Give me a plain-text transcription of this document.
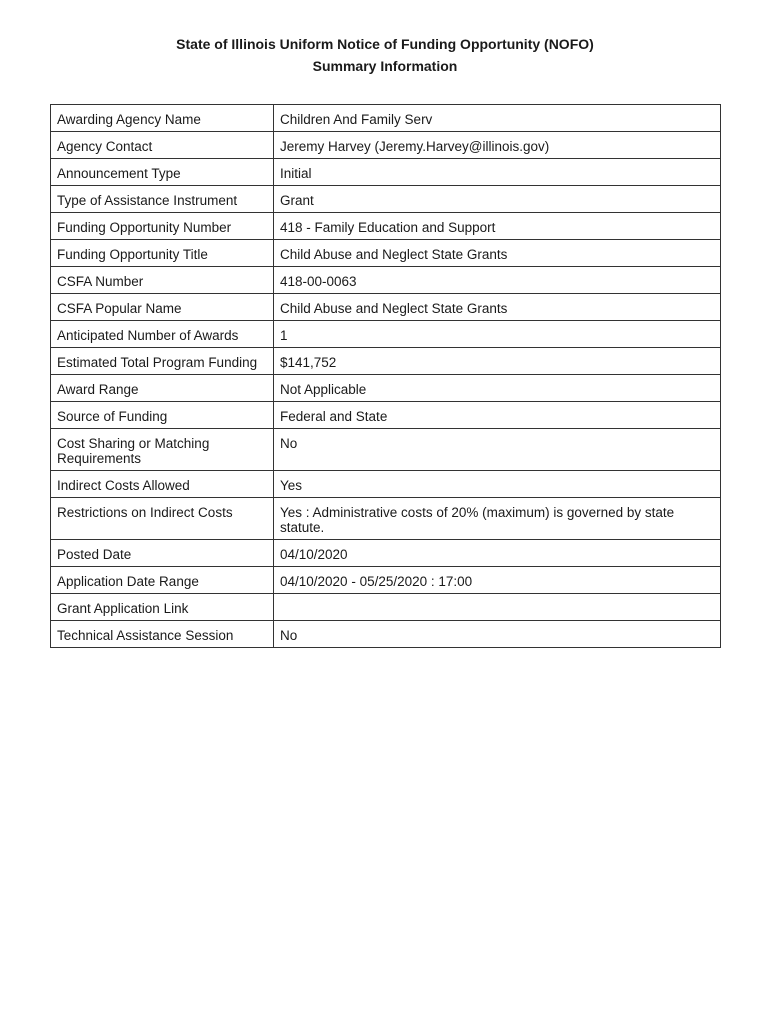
State of Illinois Uniform Notice of Funding Opportunity (NOFO)
Summary Information
Awarding Agency Name	Children And Family Serv
Agency Contact	Jeremy Harvey (Jeremy.Harvey@illinois.gov)
Announcement Type	Initial
Type of Assistance Instrument	Grant
Funding Opportunity Number	418 - Family Education and Support
Funding Opportunity Title	Child Abuse and Neglect State Grants
CSFA Number	418-00-0063
CSFA Popular Name	Child Abuse and Neglect State Grants
Anticipated Number of Awards	1
Estimated Total Program Funding	$141,752
Award Range	Not Applicable
Source of Funding	Federal and State
Cost Sharing or Matching Requirements	No
Indirect Costs Allowed	Yes
Restrictions on Indirect Costs	Yes : Administrative costs of 20% (maximum) is governed by state statute.
Posted Date	04/10/2020
Application Date Range	04/10/2020 - 05/25/2020 : 17:00
Grant Application Link	
Technical Assistance Session	No
